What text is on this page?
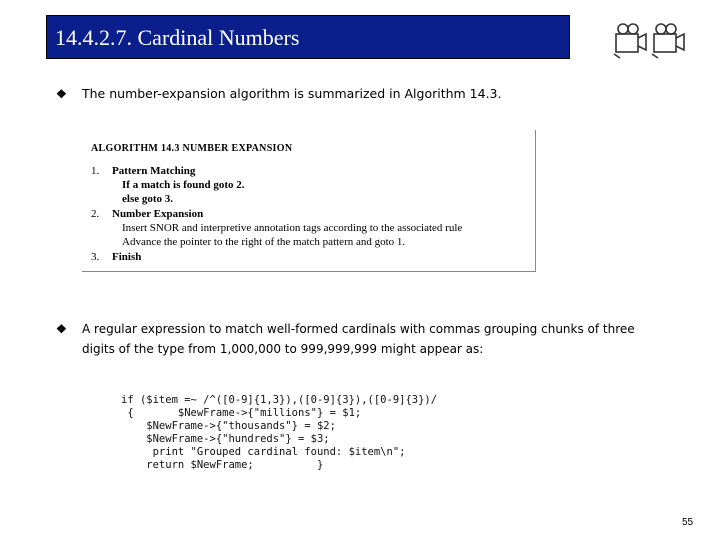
14.4.2.7. Cardinal Numbers
❖ The number-expansion algorithm is summarized in Algorithm 14.3.
ALGORITHM 14.3 NUMBER EXPANSION
1. Pattern Matching
If a match is found goto 2.
else goto 3.
2. Number Expansion
Insert SNOR and interpretive annotation tags according to the associated rule
Advance the pointer to the right of the match pattern and goto 1.
3. Finish
❖ A regular expression to match well-formed cardinals with commas grouping chunks of three
digits of the type from 1,000,000 to 999,999,999 might appear as:
if ($item =~ /^([0-9]{1,3}),([0-9]{3}),([0-9]{3})/
{       $NewFrame->{"millions"} = $1;
$NewFrame->{"thousands"} = $2;
$NewFrame->{"hundreds"} = $3;
print "Grouped cardinal found: $item\n";
return $NewFrame;          }
55
